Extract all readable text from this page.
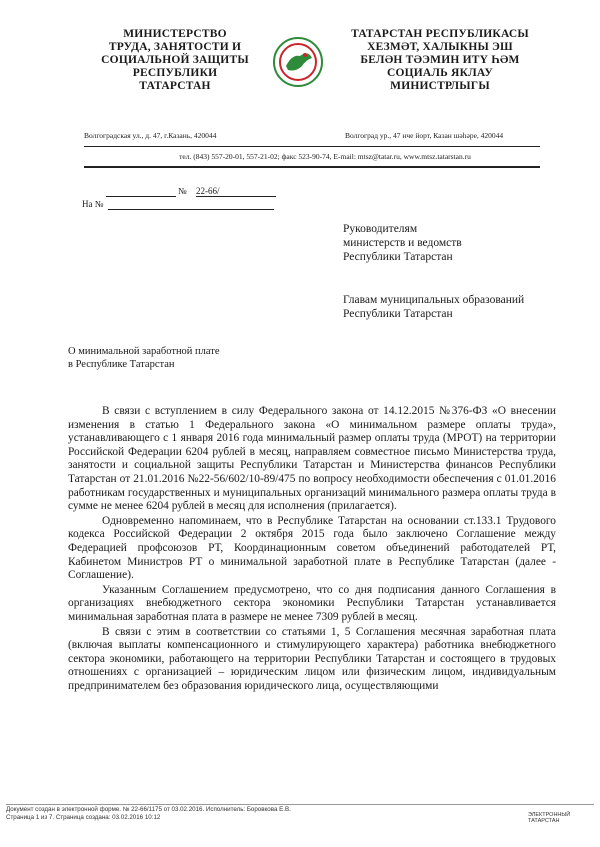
МИНИСТЕРСТВО
ТРУДА, ЗАНЯТОСТИ И
СОЦИАЛЬНОЙ ЗАЩИТЫ
РЕСПУБЛИКИ
ТАТАРСТАН
ТАТАРСТАН РЕСПУБЛИКАСЫ
ХЕЗМӘТ, ХАЛЫКНЫ ЭШ
БЕЛӘН ТӘЭМИН ИТҮ ҺӘМ
СОЦИАЛЬ ЯКЛАУ
МИНИСТРЛЫГЫ
Волгоградская ул., д. 47, г.Казань, 420044	Волгоград ур., 47 нче йорт, Казан шәһәре, 420044
тел. (843) 557-20-01, 557-21-02; факс 523-90-74, E-mail: mtsz@tatar.ru, www.mtsz.tatarstan.ru
№ 22-66/
На №
Руководителям
министерств и ведомств
Республики Татарстан
Главам муниципальных образований
Республики Татарстан
О минимальной заработной плате
в Республике Татарстан

В связи с вступлением в силу Федерального закона от 14.12.2015 №376-ФЗ «О внесении изменения в статью 1 Федерального закона «О минимальном размере оплаты труда», устанавливающего с 1 января 2016 года минимальный размер оплаты труда (МРОТ) на территории Российской Федерации 6204 рублей в месяц, направляем совместное письмо Министерства труда, занятости и социальной защиты Республики Татарстан и Министерства финансов Республики Татарстан от 21.01.2016 №22-56/602/10-89/475 по вопросу необходимости обеспечения с 01.01.2016 работникам государственных и муниципальных организаций минимального размера оплаты труда в сумме не менее 6204 рублей в месяц для исполнения (прилагается).

Одновременно напоминаем, что в Республике Татарстан на основании ст.133.1 Трудового кодекса Российской Федерации 2 октября 2015 года было заключено Соглашение между Федерацией профсоюзов РТ, Координационным советом объединений работодателей РТ, Кабинетом Министров РТ о минимальной заработной плате в Республике Татарстан (далее - Соглашение).

Указанным Соглашением предусмотрено, что со дня подписания данного Соглашения в организациях внебюджетного сектора экономики Республики Татарстан устанавливается минимальная заработная плата в размере не менее 7309 рублей в месяц.

В связи с этим в соответствии со статьями 1, 5 Соглашения месячная заработная плата (включая выплаты компенсационного и стимулирующего характера) работника внебюджетного сектора экономики, работающего на территории Республики Татарстан и состоящего в трудовых отношениях с организацией – юридическим лицом или физическим лицом, индивидуальным предпринимателем без образования юридического лица, осуществляющими

Документ создан в электронной форме. № 22-66/1175 от 03.02.2016. Исполнитель: Боровкова Е.В.
Страница 1 из 7. Страница создана: 03.02.2016 10:12	ЭЛЕКТРОННЫЙ
ТАТАРСТАН
